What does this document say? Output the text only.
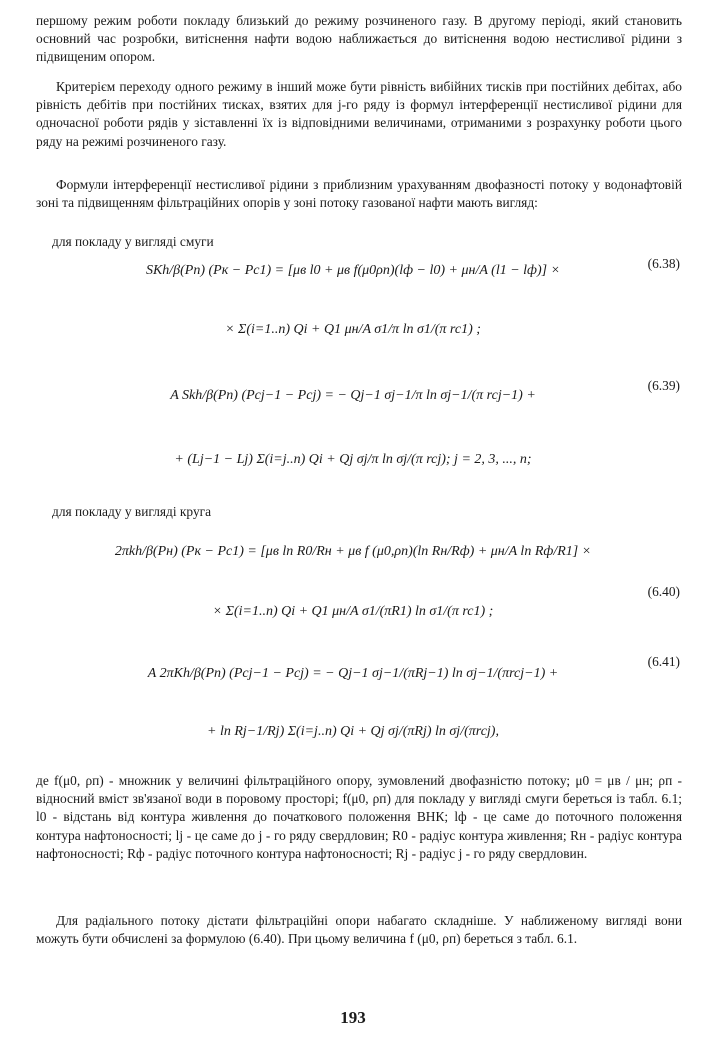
першому режим роботи покладу близький до режиму розчиненого газу. В другому періоді, який становить основний час розробки, витіснення нафти водою наближається до витіснення водою нестисливої рідини з підвищеним опором.

Критерієм переходу одного режиму в інший може бути рівність вибійних тисків при постійних дебітах, або рівність дебітів при постійних тисках, взятих для j-го ряду із формул інтерференції нестисливої рідини для одночасної роботи рядів у зіставленні їх із відповідними величинами, отриманими з розрахунку роботи цього ряду на режимі розчиненого газу.

Формули інтерференції нестисливої рідини з приблизним урахуванням двофазності потоку у водонафтовій зоні та підвищенням фільтраційних опорів у зоні потоку газованої нафти мають вигляд:

для покладу у вигляді смуги

SKh/β(Pп) (Pк − Pc1) = [μв l0 + μв f(μ0ρп)(lф − l0) + μн/A (l1 − lф)] ×	(6.38)

× Σ(i=1..n) Qi + Q1 μн/A σ1/π ln σ1/(π rc1) ;

A Skh/β(Pп) (Pcj−1 − Pcj) = − Qj−1 σj−1/π ln σj−1/(π rcj−1) +

(6.39)

+ (Lj−1 − Lj) Σ(i=j..n) Qi + Qj σj/π ln σj/(π rcj); j = 2, 3, ..., n;

для покладу у вигляді круга

2πkh/β(Pн) (Pк − Pc1) = [μв ln R0/Rн + μв f (μ0,ρп)(ln Rн/Rф) + μн/A ln Rф/R1] ×

(6.40)

× Σ(i=1..n) Qi + Q1 μн/A σ1/(πR1) ln σ1/(π rc1) ;

A 2πKh/β(Pп) (Pcj−1 − Pcj) = − Qj−1 σj−1/(πRj−1) ln σj−1/(πrcj−1) +

(6.41)

+ ln Rj−1/Rj) Σ(i=j..n) Qi + Qj σj/(πRj) ln σj/(πrcj),

де f(μ0, ρп) - множник у величині фільтраційного опору, зумовлений двофазністю потоку; μ0 = μв / μн; ρп - відносний вміст зв'язаної води в поровому просторі; f(μ0, ρп) для покладу у вигляді смуги береться із табл. 6.1; l0 - відстань від контура живлення до початкового положення ВНК; lф - це саме до поточного положення контура нафтоносності; lj - це саме до j - го ряду свердловин; R0 - радіус контура живлення; Rн - радіус контура нафтоносності; Rф - радіус поточного контура нафтоносності; Rj - радіус j - го ряду свердловин.

Для радіального потоку дістати фільтраційні опори набагато складніше. У наближеному вигляді вони можуть бути обчислені за формулою (6.40). При цьому величина f (μ0, ρп) береться з табл. 6.1.

193
